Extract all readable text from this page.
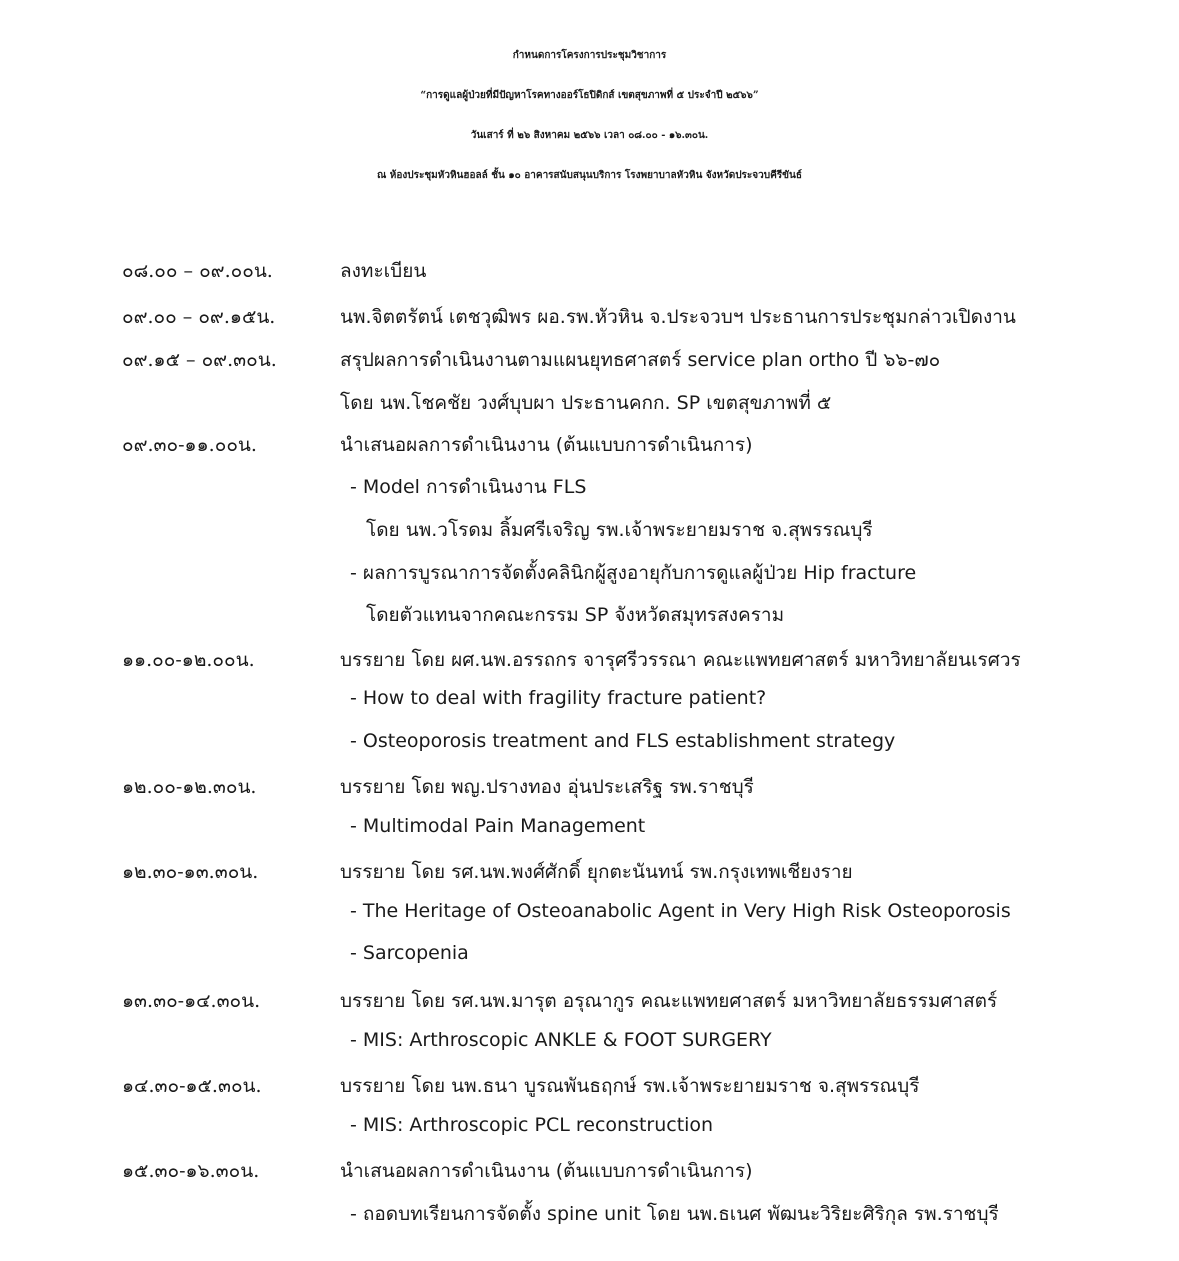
กำหนดการโครงการประชุมวิชาการ
“การดูแลผู้ป่วยที่มีปัญหาโรคทางออร์โธปิดิกส์ เขตสุขภาพที่ ๕ ประจำปี ๒๕๖๖”
วันเสาร์ ที่ ๒๖ สิงหาคม ๒๕๖๖ เวลา ๐๘.๐๐ - ๑๖.๓๐น.
ณ ห้องประชุมหัวหินฮอลล์ ชั้น ๑๐ อาคารสนับสนุนบริการ โรงพยาบาลหัวหิน จังหวัดประจวบคีรีขันธ์
๐๘.๐๐ – ๐๙.๐๐น.	ลงทะเบียน
๐๙.๐๐ – ๐๙.๑๕น.	นพ.จิตตรัตน์ เตชวุฒิพร ผอ.รพ.หัวหิน จ.ประจวบฯ ประธานการประชุมกล่าวเปิดงาน
๐๙.๑๕ – ๐๙.๓๐น.	สรุปผลการดำเนินงานตามแผนยุทธศาสตร์ service plan ortho ปี ๖๖-๗๐
โดย นพ.โชคชัย วงศ์บุบผา ประธานคกก. SP เขตสุขภาพที่ ๕
๐๙.๓๐-๑๑.๐๐น.	นำเสนอผลการดำเนินงาน (ต้นแบบการดำเนินการ)
- Model การดำเนินงาน FLS
โดย นพ.วโรดม ลิ้มศรีเจริญ รพ.เจ้าพระยายมราช จ.สุพรรณบุรี
- ผลการบูรณาการจัดตั้งคลินิกผู้สูงอายุกับการดูแลผู้ป่วย Hip fracture
โดยตัวแทนจากคณะกรรม SP จังหวัดสมุทรสงคราม
๑๑.๐๐-๑๒.๐๐น.	บรรยาย โดย ผศ.นพ.อรรถกร จารุศรีวรรณา คณะแพทยศาสตร์ มหาวิทยาลัยนเรศวร
- How to deal with fragility fracture patient?
- Osteoporosis treatment and FLS establishment strategy
๑๒.๐๐-๑๒.๓๐น.	บรรยาย โดย พญ.ปรางทอง อุ่นประเสริฐ รพ.ราชบุรี
- Multimodal Pain Management
๑๒.๓๐-๑๓.๓๐น.	บรรยาย โดย รศ.นพ.พงศ์ศักดิ์ ยุกตะนันทน์ รพ.กรุงเทพเชียงราย
- The Heritage of Osteoanabolic Agent in Very High Risk Osteoporosis
- Sarcopenia
๑๓.๓๐-๑๔.๓๐น.	บรรยาย โดย รศ.นพ.มารุต อรุณากูร คณะแพทยศาสตร์ มหาวิทยาลัยธรรมศาสตร์
- MIS: Arthroscopic ANKLE & FOOT SURGERY
๑๔.๓๐-๑๕.๓๐น.	บรรยาย โดย นพ.ธนา บูรณพันธฤกษ์ รพ.เจ้าพระยายมราช จ.สุพรรณบุรี
- MIS: Arthroscopic PCL reconstruction
๑๕.๓๐-๑๖.๓๐น.	นำเสนอผลการดำเนินงาน (ต้นแบบการดำเนินการ)
- ถอดบทเรียนการจัดตั้ง spine unit โดย นพ.ธเนศ พัฒนะวิริยะศิริกุล รพ.ราชบุรี
